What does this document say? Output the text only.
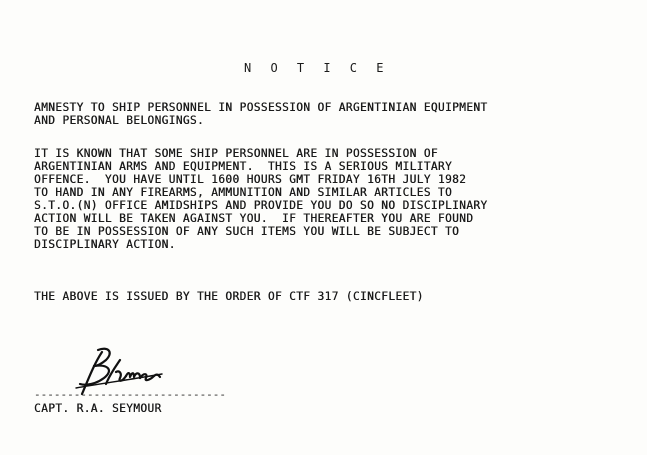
N O T I C E
AMNESTY TO SHIP PERSONNEL IN POSSESSION OF ARGENTINIAN EQUIPMENT
AND PERSONAL BELONGINGS.
IT IS KNOWN THAT SOME SHIP PERSONNEL ARE IN POSSESSION OF
ARGENTINIAN ARMS AND EQUIPMENT.  THIS IS A SERIOUS MILITARY
OFFENCE.  YOU HAVE UNTIL 1600 HOURS GMT FRIDAY 16TH JULY 1982
TO HAND IN ANY FIREARMS, AMMUNITION AND SIMILAR ARTICLES TO
S.T.O.(N) OFFICE AMIDSHIPS AND PROVIDE YOU DO SO NO DISCIPLINARY
ACTION WILL BE TAKEN AGAINST YOU.  IF THEREAFTER YOU ARE FOUND
TO BE IN POSSESSION OF ANY SUCH ITEMS YOU WILL BE SUBJECT TO
DISCIPLINARY ACTION.
THE ABOVE IS ISSUED BY THE ORDER OF CTF 317 (CINCFLEET)
-----------------------------
CAPT. R.A. SEYMOUR
